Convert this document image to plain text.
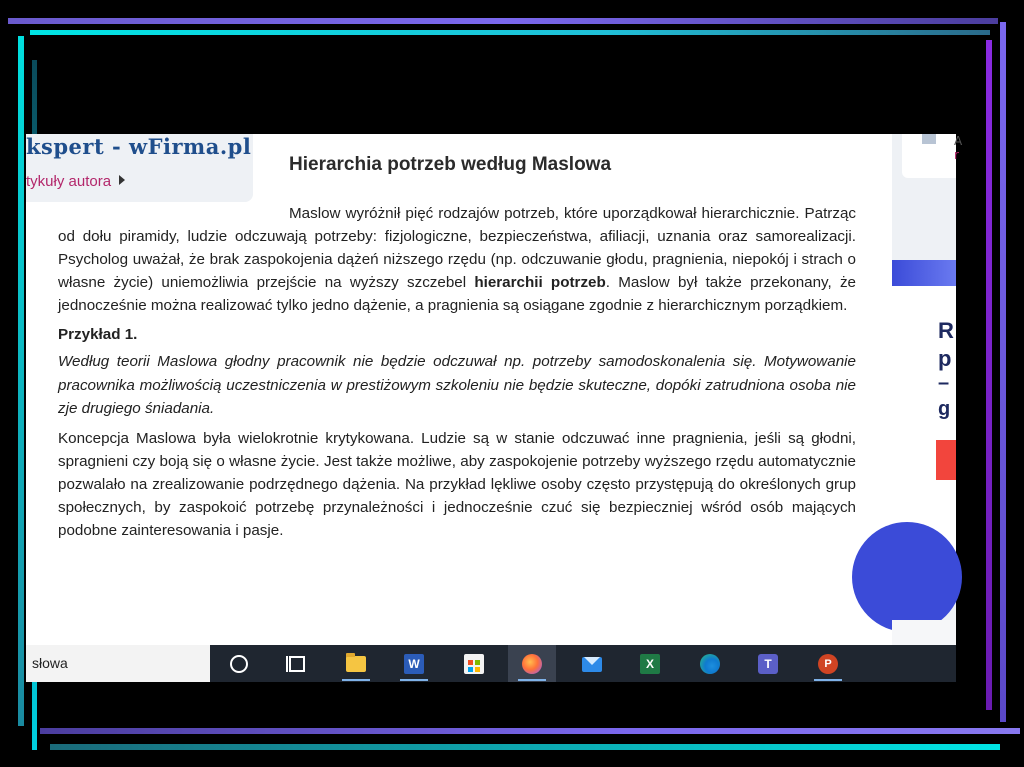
kspert - wFirma.pl
tykuły autora
Hierarchia potrzeb według Maslowa

Maslow wyróżnił pięć rodzajów potrzeb, które uporządkował hierarchicznie. Patrząc od dołu piramidy, ludzie odczuwają potrzeby: fizjologiczne, bezpieczeństwa, afiliacji, uznania oraz samorealizacji. Psycholog uważał, że brak zaspokojenia dążeń niższego rzędu (np. odczuwanie głodu, pragnienia, niepokój i strach o własne życie) uniemożliwia przejście na wyższy szczebel hierarchii potrzeb. Maslow był także przekonany, że jednocześnie można realizować tylko jedno dążenie, a pragnienia są osiągane zgodnie z hierarchicznym porządkiem.

Przykład 1.

Według teorii Maslowa głodny pracownik nie będzie odczuwał np. potrzeby samodoskonalenia się. Motywowanie pracownika możliwością uczestniczenia w prestiżowym szkoleniu nie będzie skuteczne, dopóki zatrudniona osoba nie zje drugiego śniadania.

Koncepcja Maslowa była wielokrotnie krytykowana. Ludzie są w stanie odczuwać inne pragnienia, jeśli są głodni, spragnieni czy boją się o własne życie. Jest także możliwe, aby zaspokojenie potrzeby wyższego rzędu automatycznie pozwalało na zrealizowanie podrzędnego dążenia. Na przykład lękliwe osoby często przystępują do określonych grup społecznych, by zaspokoić potrzebę przynależności i jednocześnie czuć się bezpieczniej wśród osób mających podobne zainteresowania i pasje.

A
r
R
p
–
g
słowa	W	X	T	P
